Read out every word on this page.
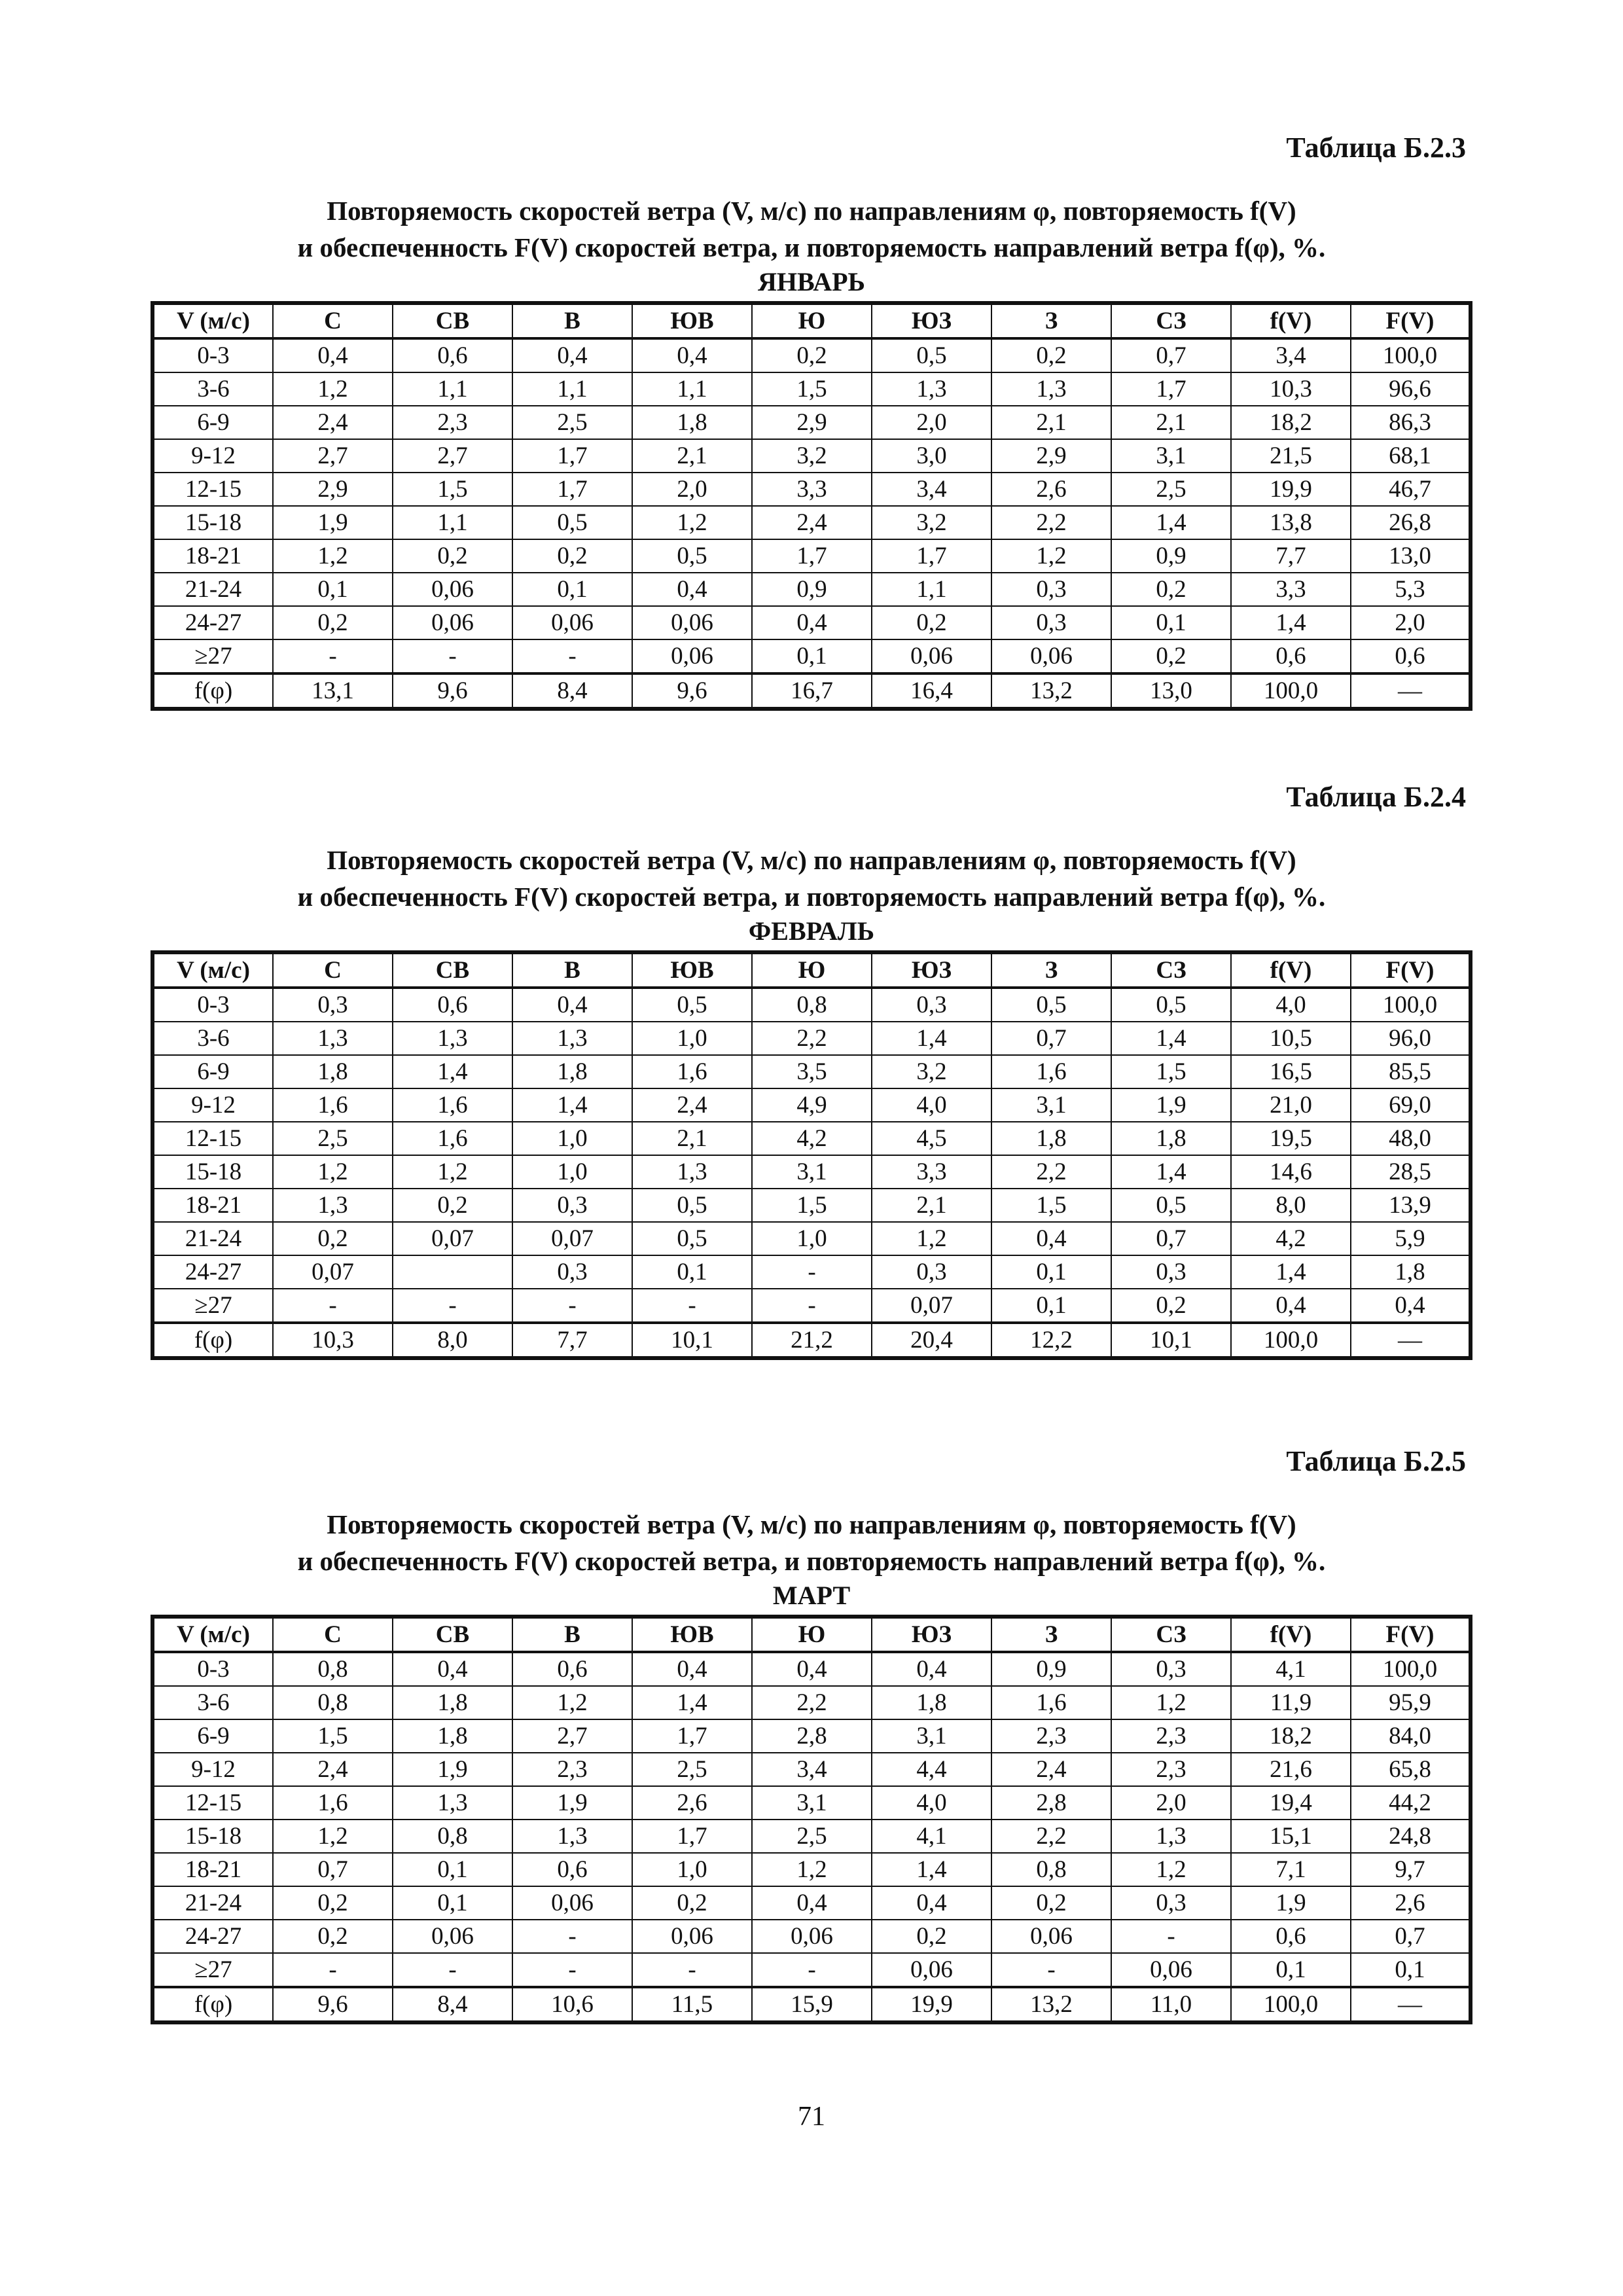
Таблица Б.2.3

Повторяемость скоростей ветра (V, м/с) по направлениям φ, повторяемость f(V)

и обеспеченность F(V) скоростей ветра, и повторяемость направлений ветра f(φ), %.

ЯНВАРЬ

V (м/с)	С	СВ	В	ЮВ	Ю	ЮЗ	З	СЗ	f(V)	F(V)
0-3	0,4	0,6	0,4	0,4	0,2	0,5	0,2	0,7	3,4	100,0
3-6	1,2	1,1	1,1	1,1	1,5	1,3	1,3	1,7	10,3	96,6
6-9	2,4	2,3	2,5	1,8	2,9	2,0	2,1	2,1	18,2	86,3
9-12	2,7	2,7	1,7	2,1	3,2	3,0	2,9	3,1	21,5	68,1
12-15	2,9	1,5	1,7	2,0	3,3	3,4	2,6	2,5	19,9	46,7
15-18	1,9	1,1	0,5	1,2	2,4	3,2	2,2	1,4	13,8	26,8
18-21	1,2	0,2	0,2	0,5	1,7	1,7	1,2	0,9	7,7	13,0
21-24	0,1	0,06	0,1	0,4	0,9	1,1	0,3	0,2	3,3	5,3
24-27	0,2	0,06	0,06	0,06	0,4	0,2	0,3	0,1	1,4	2,0
≥27	-	-	-	0,06	0,1	0,06	0,06	0,2	0,6	0,6
f(φ)	13,1	9,6	8,4	9,6	16,7	16,4	13,2	13,0	100,0	—

Таблица Б.2.4

Повторяемость скоростей ветра (V, м/с) по направлениям φ, повторяемость f(V)

и обеспеченность F(V) скоростей ветра, и повторяемость направлений ветра f(φ), %.

ФЕВРАЛЬ

V (м/с)	С	СВ	В	ЮВ	Ю	ЮЗ	З	СЗ	f(V)	F(V)
0-3	0,3	0,6	0,4	0,5	0,8	0,3	0,5	0,5	4,0	100,0
3-6	1,3	1,3	1,3	1,0	2,2	1,4	0,7	1,4	10,5	96,0
6-9	1,8	1,4	1,8	1,6	3,5	3,2	1,6	1,5	16,5	85,5
9-12	1,6	1,6	1,4	2,4	4,9	4,0	3,1	1,9	21,0	69,0
12-15	2,5	1,6	1,0	2,1	4,2	4,5	1,8	1,8	19,5	48,0
15-18	1,2	1,2	1,0	1,3	3,1	3,3	2,2	1,4	14,6	28,5
18-21	1,3	0,2	0,3	0,5	1,5	2,1	1,5	0,5	8,0	13,9
21-24	0,2	0,07	0,07	0,5	1,0	1,2	0,4	0,7	4,2	5,9
24-27	0,07		0,3	0,1	-	0,3	0,1	0,3	1,4	1,8
≥27	-	-	-	-	-	0,07	0,1	0,2	0,4	0,4
f(φ)	10,3	8,0	7,7	10,1	21,2	20,4	12,2	10,1	100,0	—

Таблица Б.2.5

Повторяемость скоростей ветра (V, м/с) по направлениям φ, повторяемость f(V)

и обеспеченность F(V) скоростей ветра, и повторяемость направлений ветра f(φ), %.

МАРТ

V (м/с)	С	СВ	В	ЮВ	Ю	ЮЗ	З	СЗ	f(V)	F(V)
0-3	0,8	0,4	0,6	0,4	0,4	0,4	0,9	0,3	4,1	100,0
3-6	0,8	1,8	1,2	1,4	2,2	1,8	1,6	1,2	11,9	95,9
6-9	1,5	1,8	2,7	1,7	2,8	3,1	2,3	2,3	18,2	84,0
9-12	2,4	1,9	2,3	2,5	3,4	4,4	2,4	2,3	21,6	65,8
12-15	1,6	1,3	1,9	2,6	3,1	4,0	2,8	2,0	19,4	44,2
15-18	1,2	0,8	1,3	1,7	2,5	4,1	2,2	1,3	15,1	24,8
18-21	0,7	0,1	0,6	1,0	1,2	1,4	0,8	1,2	7,1	9,7
21-24	0,2	0,1	0,06	0,2	0,4	0,4	0,2	0,3	1,9	2,6
24-27	0,2	0,06	-	0,06	0,06	0,2	0,06	-	0,6	0,7
≥27	-	-	-	-	-	0,06	-	0,06	0,1	0,1
f(φ)	9,6	8,4	10,6	11,5	15,9	19,9	13,2	11,0	100,0	—
71
